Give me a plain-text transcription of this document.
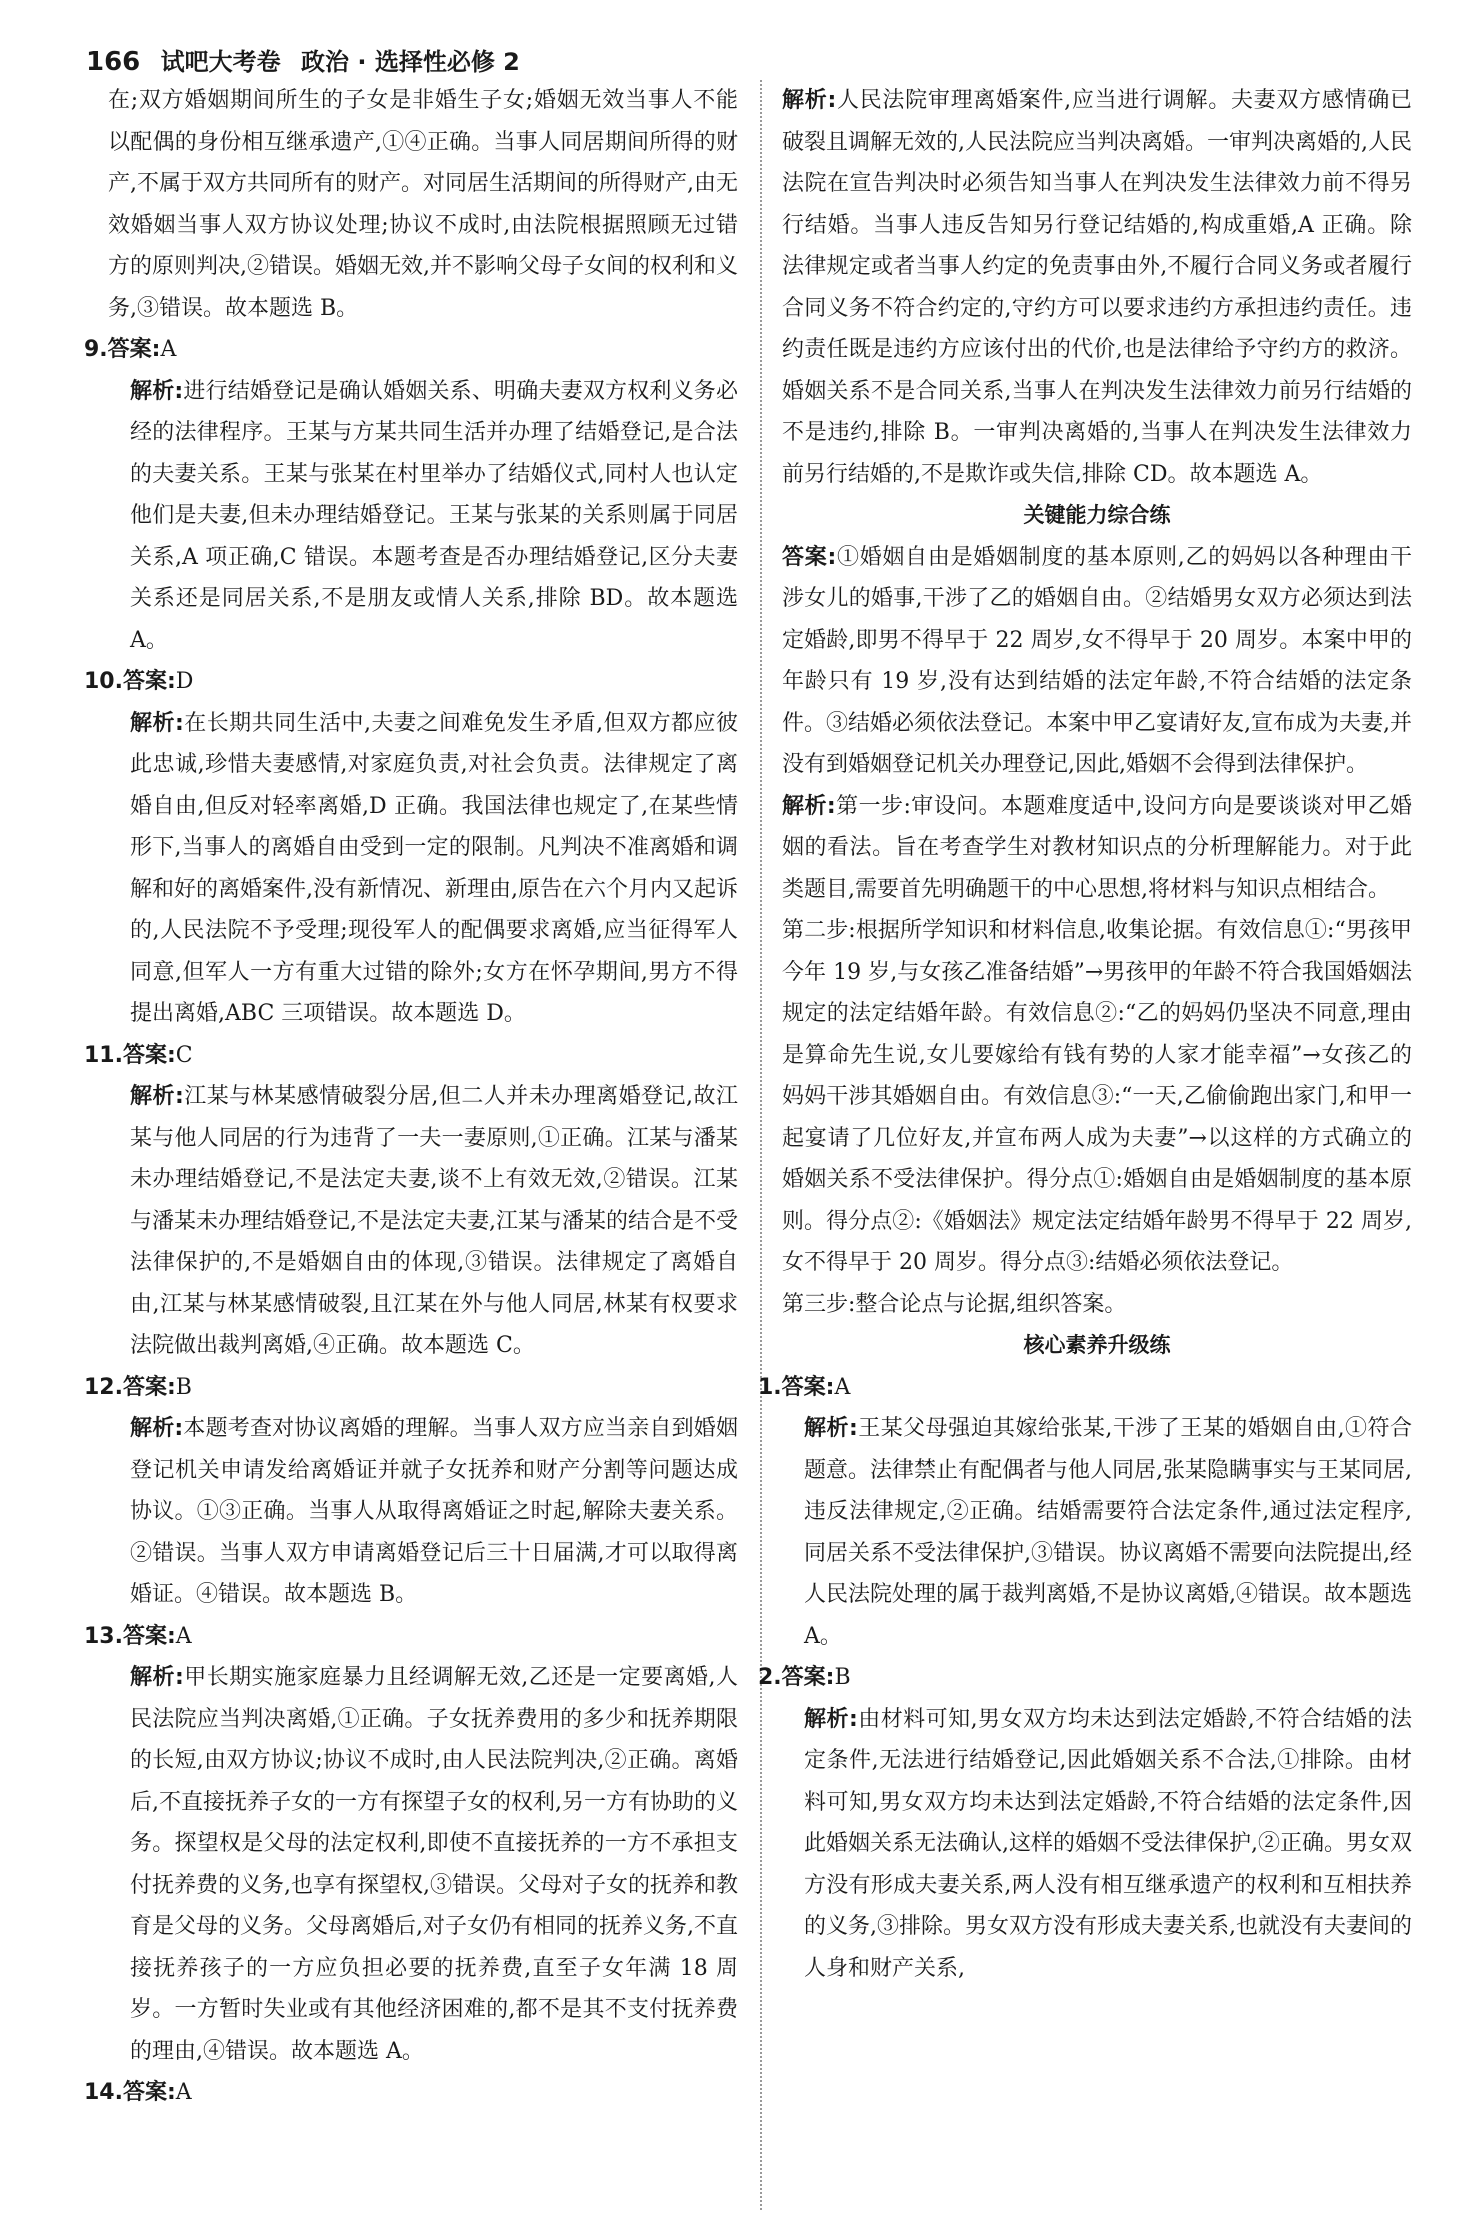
166 试吧大考卷 政治 · 选择性必修 2

在;双方婚姻期间所生的子女是非婚生子女;婚姻无效当事人不能以配偶的身份相互继承遗产,①④正确。当事人同居期间所得的财产,不属于双方共同所有的财产。对同居生活期间的所得财产,由无效婚姻当事人双方协议处理;协议不成时,由法院根据照顾无过错方的原则判决,②错误。婚姻无效,并不影响父母子女间的权利和义务,③错误。故本题选 B。

9.答案:A

解析:进行结婚登记是确认婚姻关系、明确夫妻双方权利义务必经的法律程序。王某与方某共同生活并办理了结婚登记,是合法的夫妻关系。王某与张某在村里举办了结婚仪式,同村人也认定他们是夫妻,但未办理结婚登记。王某与张某的关系则属于同居关系,A 项正确,C 错误。本题考查是否办理结婚登记,区分夫妻关系还是同居关系,不是朋友或情人关系,排除 BD。故本题选 A。

10.答案:D

解析:在长期共同生活中,夫妻之间难免发生矛盾,但双方都应彼此忠诚,珍惜夫妻感情,对家庭负责,对社会负责。法律规定了离婚自由,但反对轻率离婚,D 正确。我国法律也规定了,在某些情形下,当事人的离婚自由受到一定的限制。凡判决不准离婚和调解和好的离婚案件,没有新情况、新理由,原告在六个月内又起诉的,人民法院不予受理;现役军人的配偶要求离婚,应当征得军人同意,但军人一方有重大过错的除外;女方在怀孕期间,男方不得提出离婚,ABC 三项错误。故本题选 D。

11.答案:C

解析:江某与林某感情破裂分居,但二人并未办理离婚登记,故江某与他人同居的行为违背了一夫一妻原则,①正确。江某与潘某未办理结婚登记,不是法定夫妻,谈不上有效无效,②错误。江某与潘某未办理结婚登记,不是法定夫妻,江某与潘某的结合是不受法律保护的,不是婚姻自由的体现,③错误。法律规定了离婚自由,江某与林某感情破裂,且江某在外与他人同居,林某有权要求法院做出裁判离婚,④正确。故本题选 C。

12.答案:B

解析:本题考查对协议离婚的理解。当事人双方应当亲自到婚姻登记机关申请发给离婚证并就子女抚养和财产分割等问题达成协议。①③正确。当事人从取得离婚证之时起,解除夫妻关系。②错误。当事人双方申请离婚登记后三十日届满,才可以取得离婚证。④错误。故本题选 B。

13.答案:A

解析:甲长期实施家庭暴力且经调解无效,乙还是一定要离婚,人民法院应当判决离婚,①正确。子女抚养费用的多少和抚养期限的长短,由双方协议;协议不成时,由人民法院判决,②正确。离婚后,不直接抚养子女的一方有探望子女的权利,另一方有协助的义务。探望权是父母的法定权利,即使不直接抚养的一方不承担支付抚养费的义务,也享有探望权,③错误。父母对子女的抚养和教育是父母的义务。父母离婚后,对子女仍有相同的抚养义务,不直接抚养孩子的一方应负担必要的抚养费,直至子女年满 18 周岁。一方暂时失业或有其他经济困难的,都不是其不支付抚养费的理由,④错误。故本题选 A。

14.答案:A

解析:人民法院审理离婚案件,应当进行调解。夫妻双方感情确已破裂且调解无效的,人民法院应当判决离婚。一审判决离婚的,人民法院在宣告判决时必须告知当事人在判决发生法律效力前不得另行结婚。当事人违反告知另行登记结婚的,构成重婚,A 正确。除法律规定或者当事人约定的免责事由外,不履行合同义务或者履行合同义务不符合约定的,守约方可以要求违约方承担违约责任。违约责任既是违约方应该付出的代价,也是法律给予守约方的救济。婚姻关系不是合同关系,当事人在判决发生法律效力前另行结婚的不是违约,排除 B。一审判决离婚的,当事人在判决发生法律效力前另行结婚的,不是欺诈或失信,排除 CD。故本题选 A。

关键能力综合练

答案:①婚姻自由是婚姻制度的基本原则,乙的妈妈以各种理由干涉女儿的婚事,干涉了乙的婚姻自由。②结婚男女双方必须达到法定婚龄,即男不得早于 22 周岁,女不得早于 20 周岁。本案中甲的年龄只有 19 岁,没有达到结婚的法定年龄,不符合结婚的法定条件。③结婚必须依法登记。本案中甲乙宴请好友,宣布成为夫妻,并没有到婚姻登记机关办理登记,因此,婚姻不会得到法律保护。

解析:第一步:审设问。本题难度适中,设问方向是要谈谈对甲乙婚姻的看法。旨在考查学生对教材知识点的分析理解能力。对于此类题目,需要首先明确题干的中心思想,将材料与知识点相结合。

第二步:根据所学知识和材料信息,收集论据。有效信息①:“男孩甲今年 19 岁,与女孩乙准备结婚”→男孩甲的年龄不符合我国婚姻法规定的法定结婚年龄。有效信息②:“乙的妈妈仍坚决不同意,理由是算命先生说,女儿要嫁给有钱有势的人家才能幸福”→女孩乙的妈妈干涉其婚姻自由。有效信息③:“一天,乙偷偷跑出家门,和甲一起宴请了几位好友,并宣布两人成为夫妻”→以这样的方式确立的婚姻关系不受法律保护。得分点①:婚姻自由是婚姻制度的基本原则。得分点②:《婚姻法》规定法定结婚年龄男不得早于 22 周岁,女不得早于 20 周岁。得分点③:结婚必须依法登记。

第三步:整合论点与论据,组织答案。

核心素养升级练

1.答案:A

解析:王某父母强迫其嫁给张某,干涉了王某的婚姻自由,①符合题意。法律禁止有配偶者与他人同居,张某隐瞒事实与王某同居,违反法律规定,②正确。结婚需要符合法定条件,通过法定程序,同居关系不受法律保护,③错误。协议离婚不需要向法院提出,经人民法院处理的属于裁判离婚,不是协议离婚,④错误。故本题选 A。

2.答案:B

解析:由材料可知,男女双方均未达到法定婚龄,不符合结婚的法定条件,无法进行结婚登记,因此婚姻关系不合法,①排除。由材料可知,男女双方均未达到法定婚龄,不符合结婚的法定条件,因此婚姻关系无法确认,这样的婚姻不受法律保护,②正确。男女双方没有形成夫妻关系,两人没有相互继承遗产的权利和互相扶养的义务,③排除。男女双方没有形成夫妻关系,也就没有夫妻间的人身和财产关系,
